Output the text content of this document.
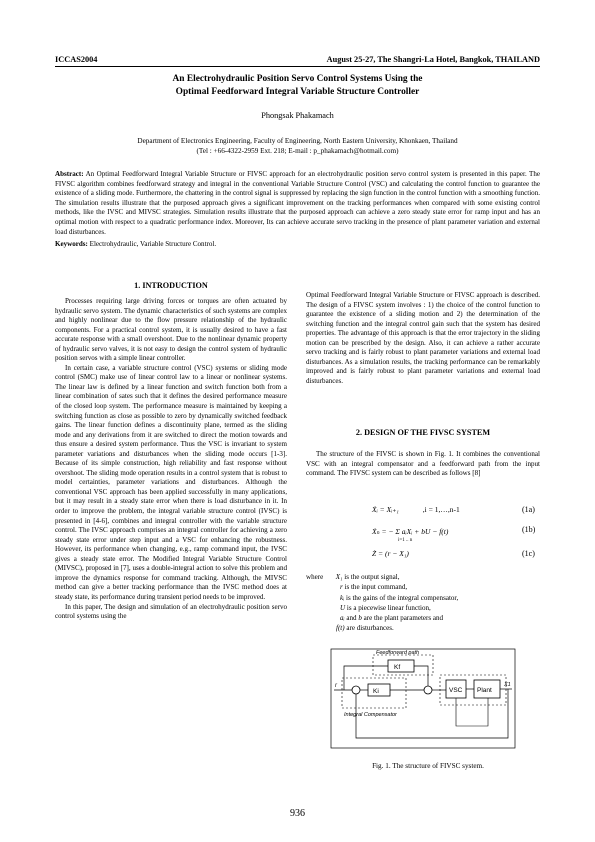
ICCAS2004	August 25-27, The Shangri-La Hotel, Bangkok, THAILAND
An Electrohydraulic Position Servo Control Systems Using the
Optimal Feedforward Integral Variable Structure Controller
Phongsak Phakamach
Department of Electronics Engineering, Faculty of Engineering, North Eastern University, Khonkaen, Thailand
(Tel : +66-4322-2959 Ext. 218; E-mail : p_phakamach@hotmail.com)
Abstract: An Optimal Feedforward Integral Variable Structure or FIVSC approach for an electrohydraulic position servo control system is presented in this paper. The FIVSC algorithm combines feedforward strategy and integral in the conventional Variable Structure Control (VSC) and calculating the control function to guarantee the existence of a sliding mode. Furthermore, the chattering in the control signal is suppressed by replacing the sign function in the control function with a smoothing function. The simulation results illustrate that the purposed approach gives a significant improvement on the tracking performances when compared with some existing control methods, like the IVSC and MIVSC strategies. Simulation results illustrate that the purposed approach can achieve a zero steady state error for ramp input and has an optimal motion with respect to a quadratic performance index. Moreover, Its can achieve accurate servo tracking in the presence of plant parameter variation and external load disturbances.
Keywords: Electrohydraulic, Variable Structure Control.
1. INTRODUCTION

Processes requiring large driving forces or torques are often actuated by hydraulic servo system. The dynamic characteristics of such systems are complex and highly nonlinear due to the flow pressure relationship of the hydraulic components. For a practical control system, it is usually desired to have a fast accurate response with a small overshoot. Due to the nonlinear dynamic property of hydraulic servo valves, it is not easy to design the control system of hydraulic position servos with a simple linear controller.

In certain case, a variable structure control (VSC) systems or sliding mode control (SMC) make use of linear control law to a linear or nonlinear systems. The linear law is defined by a linear function and switch function both from a linear combination of sates such that it defines the desired performance measure of the closed loop system. The performance measure is maintained by keeping a switching function as close as possible to zero by dynamically switched feedback gains. The linear function defines a discontinuity plane, termed as the sliding mode and any derivations from it are switched to direct the motion towards and thus ensure a desired system performance. Thus the VSC is invariant to system parameter variations and disturbances when the sliding mode occurs [1-3]. Because of its simple construction, high reliability and fast response without overshoot. The sliding mode operation results in a control system that is robust to model certainties, parameter variations and disturbances. Although the conventional VSC approach has been applied successfully in many applications, but it may result in a steady state error when there is load disturbance in it. In order to improve the problem, the integral variable structure control (IVSC) is presented in [4-6], combines and integral controller with the variable structure control. The IVSC approach comprises an integral controller for achieving a zero steady state error under step input and a VSC for enhancing the robustness. However, its performance when changing, e.g., ramp command input, the IVSC gives a steady state error. The Modified Integral Variable Structure Control (MIVSC), proposed in [7], uses a double-integral action to solve this problem and improve the dynamics response for command tracking. Although, the MIVSC method can give a better tracking performance than the IVSC method does at steady state, its performance during transient period needs to be improved.

In this paper, The design and simulation of an electrohydraulic position servo control systems using the

Optimal Feedforward Integral Variable Structure or FIVSC approach is described. The design of a FIVSC system involves : 1) the choice of the control function to guarantee the existence of a sliding motion and 2) the determination of the switching function and the integral control gain such that the system has desired properties. The advantage of this approach is that the error trajectory in the sliding motion can be prescribed by the design. Also, it can achieve a rather accurate servo tracking and is fairly robust to plant parameter variations and external load disturbances. As a simulation results, the tracking performance can be remarkably improved and is fairly robust to plant parameter variations and external load disturbances.

2. DESIGN OF THE FIVSC SYSTEM

The structure of the FIVSC is shown in Fig. 1. It combines the conventional VSC with an integral compensator and a feedforward path from the input command. The FIVSC system can be described as follows [8]

Ẋᵢ = Xᵢ₊₁	,i = 1,…,n-1	(1a)
Ẋₙ = − Σ aᵢXᵢ + bU − f(t)
i=1 .. n
(1b)
Ż = (r − X₁)	(1c)
where X₁ is the output signal,
r is the input command,
kᵢ is the gains of the integral compensator,
U is a piecewise linear function,
aᵢ and b are the plant parameters and
f(t) are disturbances.
Feedforward path
Integral Compensator
Kf
Ki	VSC Plant
r	X1
Fig. 1. The structure of FIVSC system.
936
